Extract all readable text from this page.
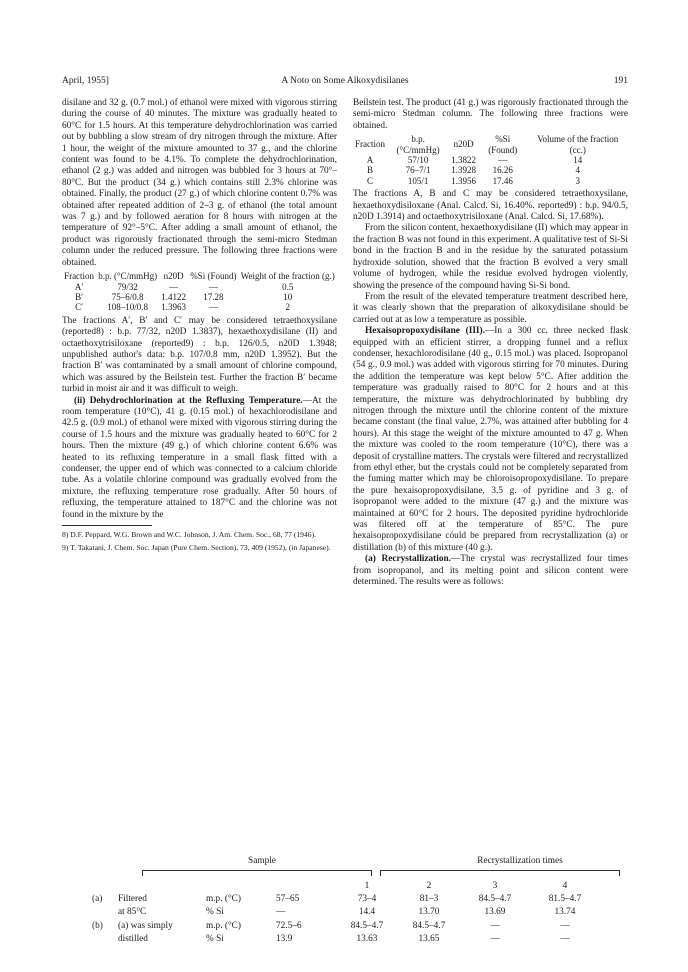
April, 1955]	A Noto on Some Alkoxydisilanes	191

disilane and 32 g. (0.7 mol.) of ethanol were mixed with vigorous stirring during the course of 40 minutes. The mixture was gradually heated to 60°C for 1.5 hours. At this temperature dehydrochlorination was carried out by bubbling a slow stream of dry nitrogen through the mixture. After 1 hour, the weight of the mixture amounted to 37 g., and the chlorine content was found to be 4.1%. To complete the dehydrochlorination, ethanol (2 g.) was added and nitrogen was bubbled for 3 hours at 70°–80°C. But the product (34 g.) which contains still 2.3% chlorine was obtained. Finally, the product (27 g.) of which chlorine content 0.7% was obtained after repeated addition of 2–3 g. of ethanol (the total amount was 7 g.) and by followed aeration for 8 hours with nitrogen at the temperature of 92°–5°C. After adding a small amount of ethanol, the product was rigorously fractionated through the semi-micro Stedman column under the reduced pressure. The following three fractions were obtained.

Fraction	b.p. (°C/mmHg)	n20D	%Si (Found)	Weight of the fraction (g.)
A′	79/32	—	—	0.5
B′	75–6/0.8	1.4122	17.28	10
C′	108–10/0.8	1.3963	—	2

The fractions A′, B′ and C′ may be considered tetraethoxysilane (reported8) : b.p. 77/32, n20D 1.3837), hexaethoxydisilane (II) and octaethoxytrisiloxane (reported9) : b.p. 126/0.5, n20D 1.3948; unpublished author's data: b.p. 107/0.8 mm, n20D 1.3952). But the fraction B′ was contaminated by a small amount of chlorine compound, which was assured by the Beilstein test. Further the fraction B′ became turbid in moist air and it was difficult to weigh.

(ii) Dehydrochlorination at the Refluxing Temperature.—At the room temperature (10°C), 41 g. (0.15 mol.) of hexachlorodisilane and 42.5 g. (0.9 mol.) of ethanol were mixed with vigorous stirring during the course of 1.5 hours and the mixture was gradually heated to 60°C for 2 hours. Then the mixture (49 g.) of which chlorine content 6.6% was heated to its refluxing temperature in a small flask fitted with a condenser, the upper end of which was connected to a calcium chloride tube. As a volatile chlorine compound was gradually evolved from the mixture, the refluxing temperature rose gradually. After 50 hours of refluxing, the temperature attained to 187°C and the chlorine was not found in the mixture by the

8) D.F. Peppard, W.G. Brown and W.C. Johnson, J. Am. Chem. Soc., 68, 77 (1946).
9) T. Takatani, J. Chem. Soc. Japan (Pure Chem. Section), 73, 409 (1952), (in Japanese).

Beilstein test. The product (41 g.) was rigorously fractionated through the semi-micro Stedman column. The following three fractions were obtained.

Fraction	b.p. (°C/mmHg)	n20D	%Si (Found)	Volume of the fraction (cc.)
A	57/10	1.3822	—	14
B	76–7/1	1.3928	16.26	4
C	105/1	1.3956	17.46	3

The fractions A, B and C may be considered tetraethoxysilane, hexaethoxydisiloxane (Anal. Calcd. Si, 16.40%. reported9) : b.p. 94/0.5, n20D 1.3914) and octaethoxytrisiloxane (Anal. Calcd. Si, 17.68%).

From the silicon content, hexaethoxydisilane (II) which may appear in the fraction B was not found in this experiment. A qualitative test of Si-Si bond in the fraction B and in the residue by the saturated potassium hydroxide solution, showed that the fraction B evolved a very small volume of hydrogen, while the residue evolved hydrogen violently, showing the presence of the compound having Si-Si bond.

From the result of the elevated temperature treatment described here, it was clearly shown that the preparation of alkoxydisilane should be carried out at as low a temperature as possible.

Hexaisopropoxydisilane (III).—In a 300 cc. three necked flask equipped with an efficient stirrer, a dropping funnel and a reflux condenser, hexachlorodisilane (40 g., 0.15 mol.) was placed. Isopropanol (54 g., 0.9 mol.) was added with vigorous stirring for 70 minutes. During the addition the temperature was kept below 5°C. After addition the temperature was gradually raised to 80°C for 2 hours and at this temperature, the mixture was dehydrochlorinated by bubbling dry nitrogen through the mixture until the chlorine content of the mixture became constant (the final value, 2.7%, was attained after bubbling for 4 hours). At this stage the weight of the mixture amounted to 47 g. When the mixture was cooled to the room temperature (10°C), there was a deposit of crystalline matters. The crystals were filtered and recrystallized from ethyl ether, but the crystals could not be completely separated from the fuming matter which may be chloroisopropoxydisilane. To prepare the pure hexaisopropoxydisilane, 3.5 g. of pyridine and 3 g. of isopropanol were added to the mixture (47 g.) and the mixture was maintained at 60°C for 2 hours. The deposited pyridine hydrochloride was filtered off at the temperature of 85°C. The pure hexaisopropoxydisilane cóuld be prepared from recrystallization (a) or distillation (b) of this mixture (40 g.).

(a) Recrystallization.—The crystal was recrystallized four times from isopropanol, and its melting point and silicon content were determined. The results were as follows:

Sample	Recrystallization times
				1	2	3	4
(a)	Filtered	m.p. (°C)	57–65	73–4	81–3	84.5–4.7	81.5–4.7
	at 85°C	% Si	—	14.4	13.70	13.69	13.74
(b)	(a) was simply	m.p. (°C)	72.5–6	84.5–4.7	84.5–4.7	—	—
	distilled	% Si	13.9	13.63	13.65	—	—
